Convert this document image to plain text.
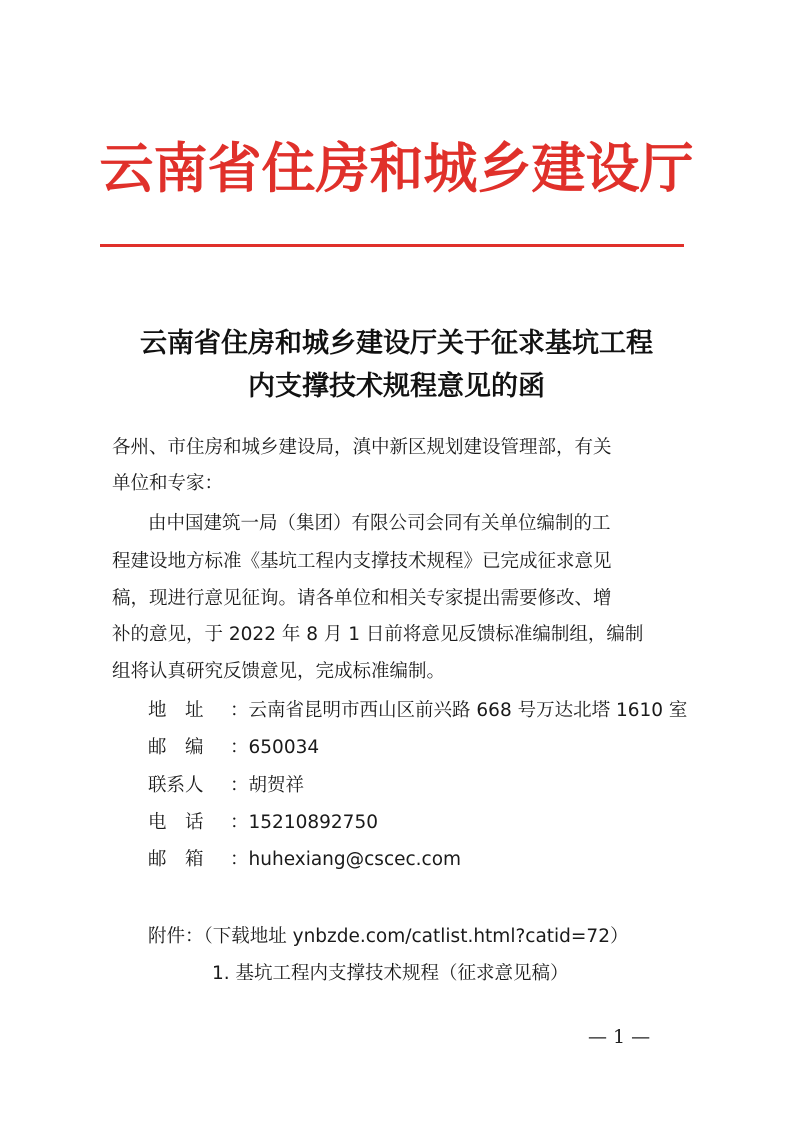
云南省住房和城乡建设厅
云南省住房和城乡建设厅关于征求基坑工程
内支撑技术规程意见的函
各州、市住房和城乡建设局，滇中新区规划建设管理部，有关
单位和专家：
由中国建筑一局（集团）有限公司会同有关单位编制的工
程建设地方标准《基坑工程内支撑技术规程》已完成征求意见
稿，现进行意见征询。请各单位和相关专家提出需要修改、增
补的意见，于 2022 年 8 月 1 日前将意见反馈标准编制组，编制
组将认真研究反馈意见，完成标准编制。
地　址 ：云南省昆明市西山区前兴路 668 号万达北塔 1610 室
邮　编 ：650034
联系人 ：胡贺祥
电　话 ：15210892750
邮　箱 ：huhexiang@cscec.com
附件：（下载地址 ynbzde.com/catlist.html?catid=72）
1. 基坑工程内支撑技术规程（征求意见稿）
— 1 —
